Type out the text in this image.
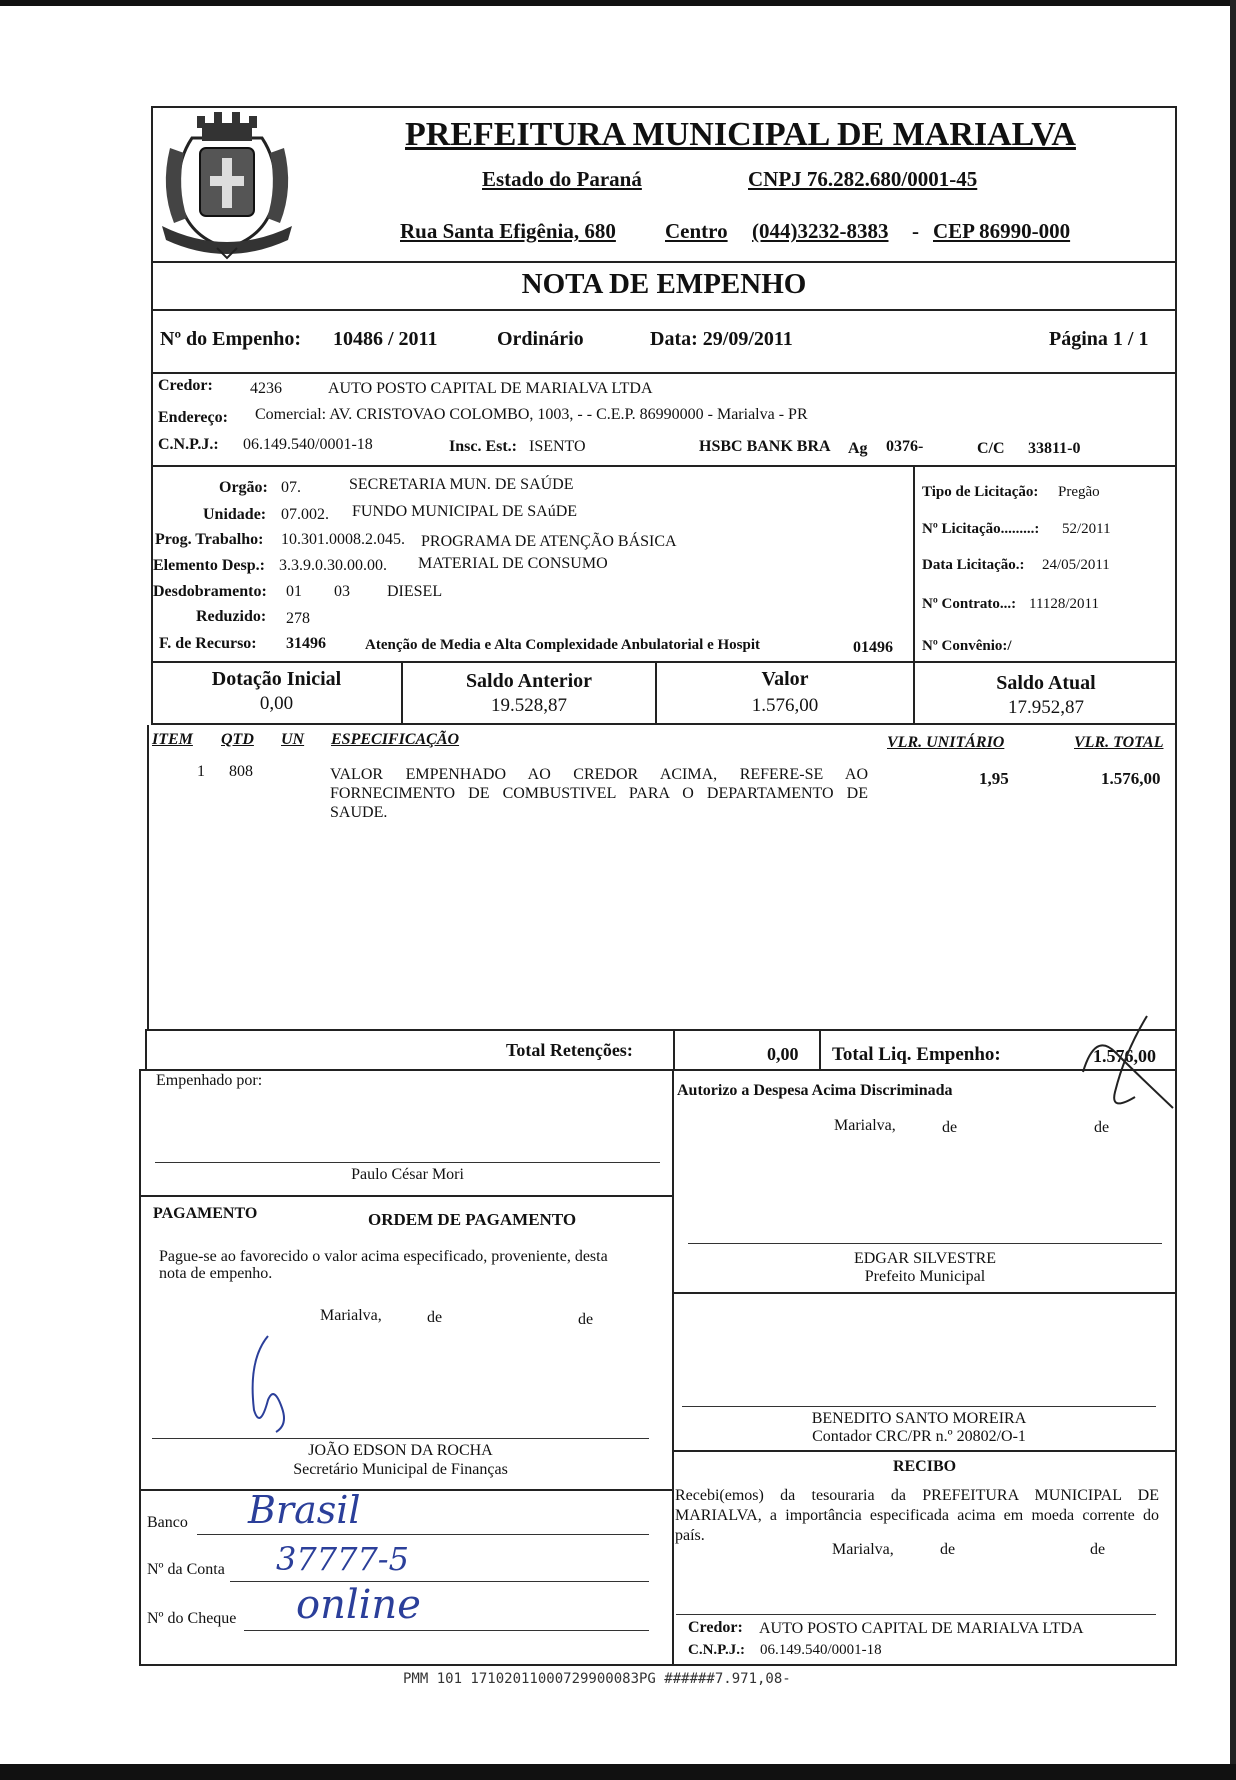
PREFEITURA MUNICIPAL DE MARIALVA
Estado do Paraná	CNPJ 76.282.680/0001-45
Rua Santa Efigênia, 680 Centro (044)3232-8383 - CEP 86990-000
NOTA DE EMPENHO
Nº do Empenho: 10486 / 2011	Ordinário	Data: 29/09/2011	Página 1 / 1
Credor: 4236	AUTO POSTO CAPITAL DE MARIALVA LTDA
Endereço: Comercial: AV. CRISTOVAO COLOMBO, 1003, - - C.E.P. 86990000 - Marialva - PR
C.N.P.J.: 06.149.540/0001-18	Insc. Est.: ISENTO	HSBC BANK BRA Ag 0376-	C/C 33811-0
Orgão: 07.	SECRETARIA MUN. DE SAÚDE
Unidade: 07.002. FUNDO MUNICIPAL DE SAúDE
Prog. Trabalho: 10.301.0008.2.045. PROGRAMA DE ATENÇÃO BÁSICA
Elemento Desp.: 3.3.9.0.30.00.00. MATERIAL DE CONSUMO
Desdobramento: 01 03 DIESEL
Reduzido: 278
F. de Recurso: 31496	Atenção de Media e Alta Complexidade Anbulatorial e Hospit	01496
Tipo de Licitação: Pregão
Nº Licitação.........: 52/2011
Data Licitação.: 24/05/2011
Nº Contrato...: 11128/2011
Nº Convênio:/
Dotação Inicial
0,00
Saldo Anterior
19.528,87
Valor
1.576,00
Saldo Atual
17.952,87
ITEM QTD UN ESPECIFICAÇÃO	VLR. UNITÁRIO	VLR. TOTAL
1 808	VALOR EMPENHADO AO CREDOR ACIMA, REFERE-SE AO
FORNECIMENTO DE COMBUSTIVEL PARA O DEPARTAMENTO DE
SAUDE.
1,95	1.576,00
Total Retenções:	0,00 Total Liq. Empenho:	1.576,00
Empenhado por:
Paulo César Mori
Autorizo a Despesa Acima Discriminada
Marialva,	de	de
EDGAR SILVESTRE
Prefeito Municipal
BENEDITO SANTO MOREIRA
Contador CRC/PR n.º 20802/O-1
RECIBO
Recebi(emos) da tesouraria da PREFEITURA MUNICIPAL DE
MARIALVA, a importância especificada acima em moeda corrente do
país.
Marialva,	de	de
Credor: AUTO POSTO CAPITAL DE MARIALVA LTDA
C.N.P.J.: 06.149.540/0001-18
PAGAMENTO	ORDEM DE PAGAMENTO
Pague-se ao favorecido o valor acima especificado, proveniente, desta
nota de empenho.
Marialva,	de	de
JOÃO EDSON DA ROCHA
Secretário Municipal de Finanças
Banco Brasil
Nº da Conta 37777-5
Nº do Cheque online
PMM 101 17102011000729900083PG ######7.971,08-
